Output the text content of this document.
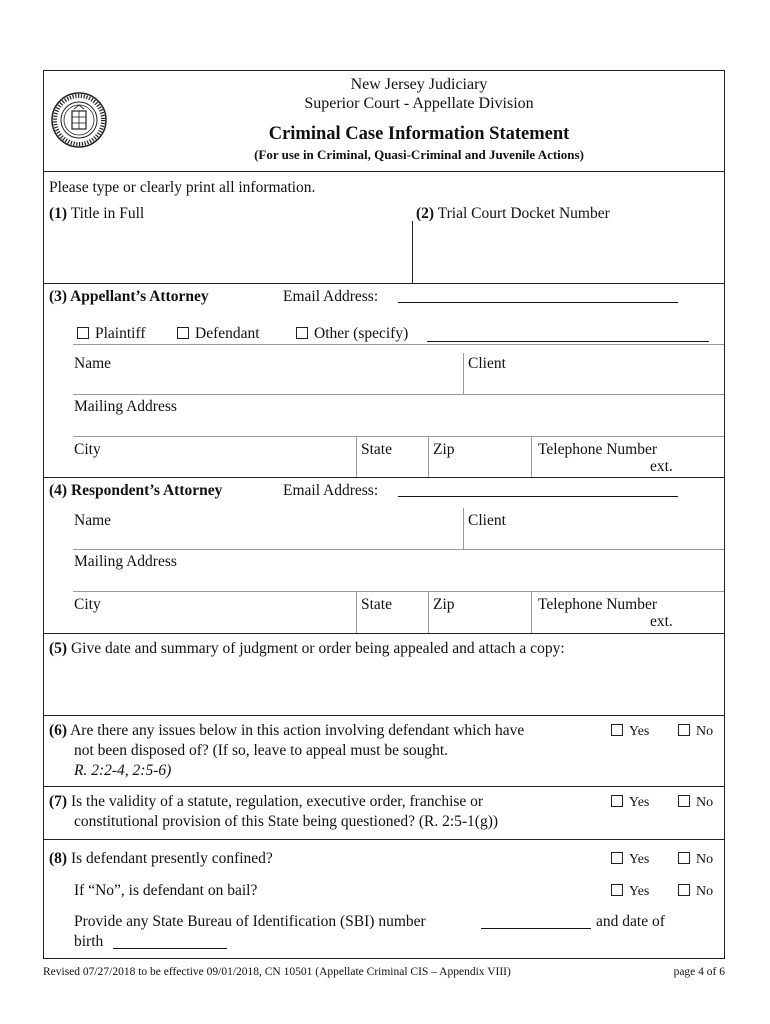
New Jersey Judiciary
Superior Court - Appellate Division
Criminal Case Information Statement
(For use in Criminal, Quasi-Criminal and Juvenile Actions)
Please type or clearly print all information.
(1) Title in Full	(2) Trial Court Docket Number
(3) Appellant’s Attorney	Email Address:
Plaintiff	Defendant	Other (specify)
Name	Client
Mailing Address
City	State	Zip	Telephone Number
ext.
(4) Respondent’s Attorney	Email Address:
Name	Client
Mailing Address
City	State	Zip	Telephone Number
ext.
(5) Give date and summary of judgment or order being appealed and attach a copy:
(6) Are there any issues below in this action involving defendant which have
not been disposed of? (If so, leave to appeal must be sought.
R. 2:2-4, 2:5-6)
Yes	No
(7) Is the validity of a statute, regulation, executive order, franchise or
constitutional provision of this State being questioned? (R. 2:5-1(g))
Yes	No
(8) Is defendant presently confined?	Yes	No
If “No”, is defendant on bail?	Yes	No
Provide any State Bureau of Identification (SBI) number	and date of
birth
Revised 07/27/2018 to be effective 09/01/2018, CN 10501 (Appellate Criminal CIS – Appendix VIII)	page 4 of 6
